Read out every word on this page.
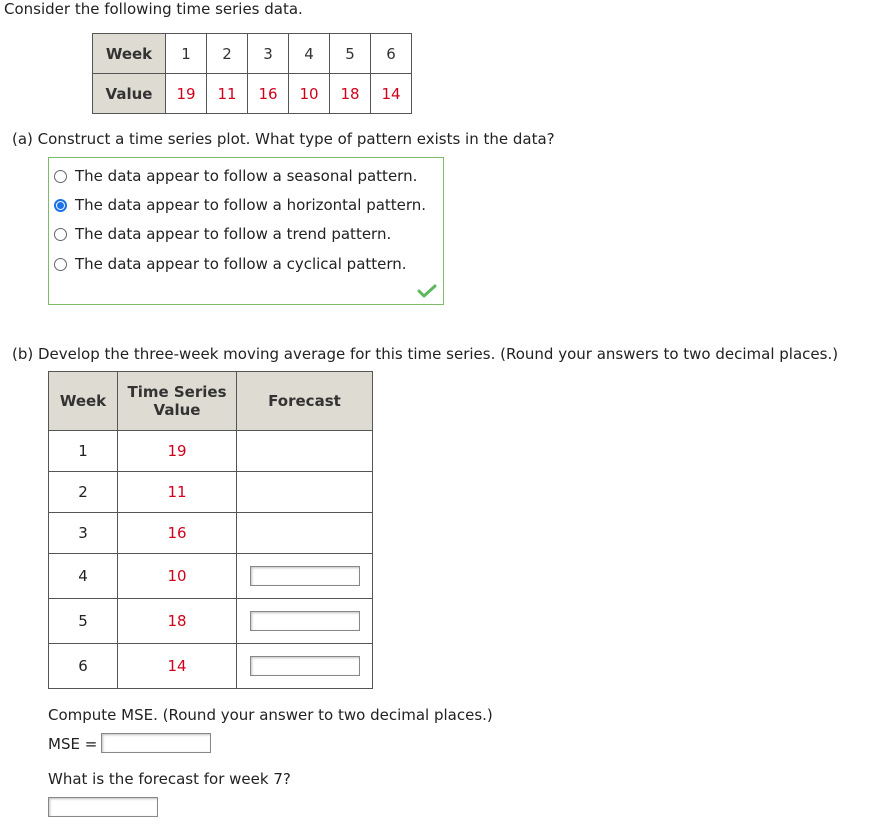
Consider the following time series data.
Week	1	2	3	4	5	6
Value	19	11	16	10	18	14
(a) Construct a time series plot. What type of pattern exists in the data?
The data appear to follow a seasonal pattern.
The data appear to follow a horizontal pattern.
The data appear to follow a trend pattern.
The data appear to follow a cyclical pattern.
(b) Develop the three-week moving average for this time series. (Round your answers to two decimal places.)
Week	Time Series Value	Forecast
1	19	
2	11	
3	16	
4	10	
5	18	
6	14	
Compute MSE. (Round your answer to two decimal places.)
MSE =
What is the forecast for week 7?
